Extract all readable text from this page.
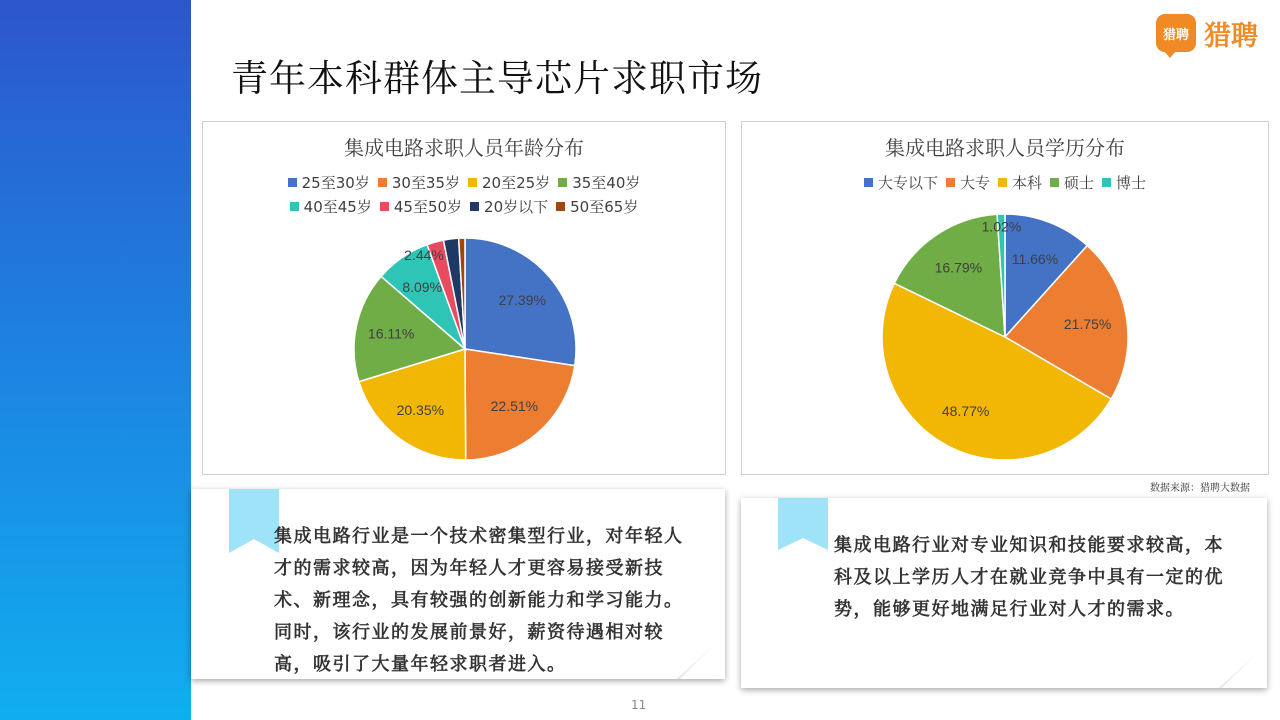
青年本科群体主导芯片求职市场
猎聘 猎聘
集成电路求职人员年龄分布
25至30岁 30至35岁 20至25岁 35至40岁
40至45岁 45至50岁 20岁以下 50至65岁
27.39%
22.51%
20.35%
16.11%
8.09%
2.44%
集成电路求职人员学历分布
大专以下 大专 本科 硕士 博士
11.66%
21.75%
48.77%
16.79%
1.02%
数据来源：猎聘大数据

集成电路行业是一个技术密集型行业，对年轻人才的需求较高，因为年轻人才更容易接受新技术、新理念，具有较强的创新能力和学习能力。同时，该行业的发展前景好，薪资待遇相对较高，吸引了大量年轻求职者进入。

集成电路行业对专业知识和技能要求较高，本科及以上学历人才在就业竞争中具有一定的优势，能够更好地满足行业对人才的需求。

11
